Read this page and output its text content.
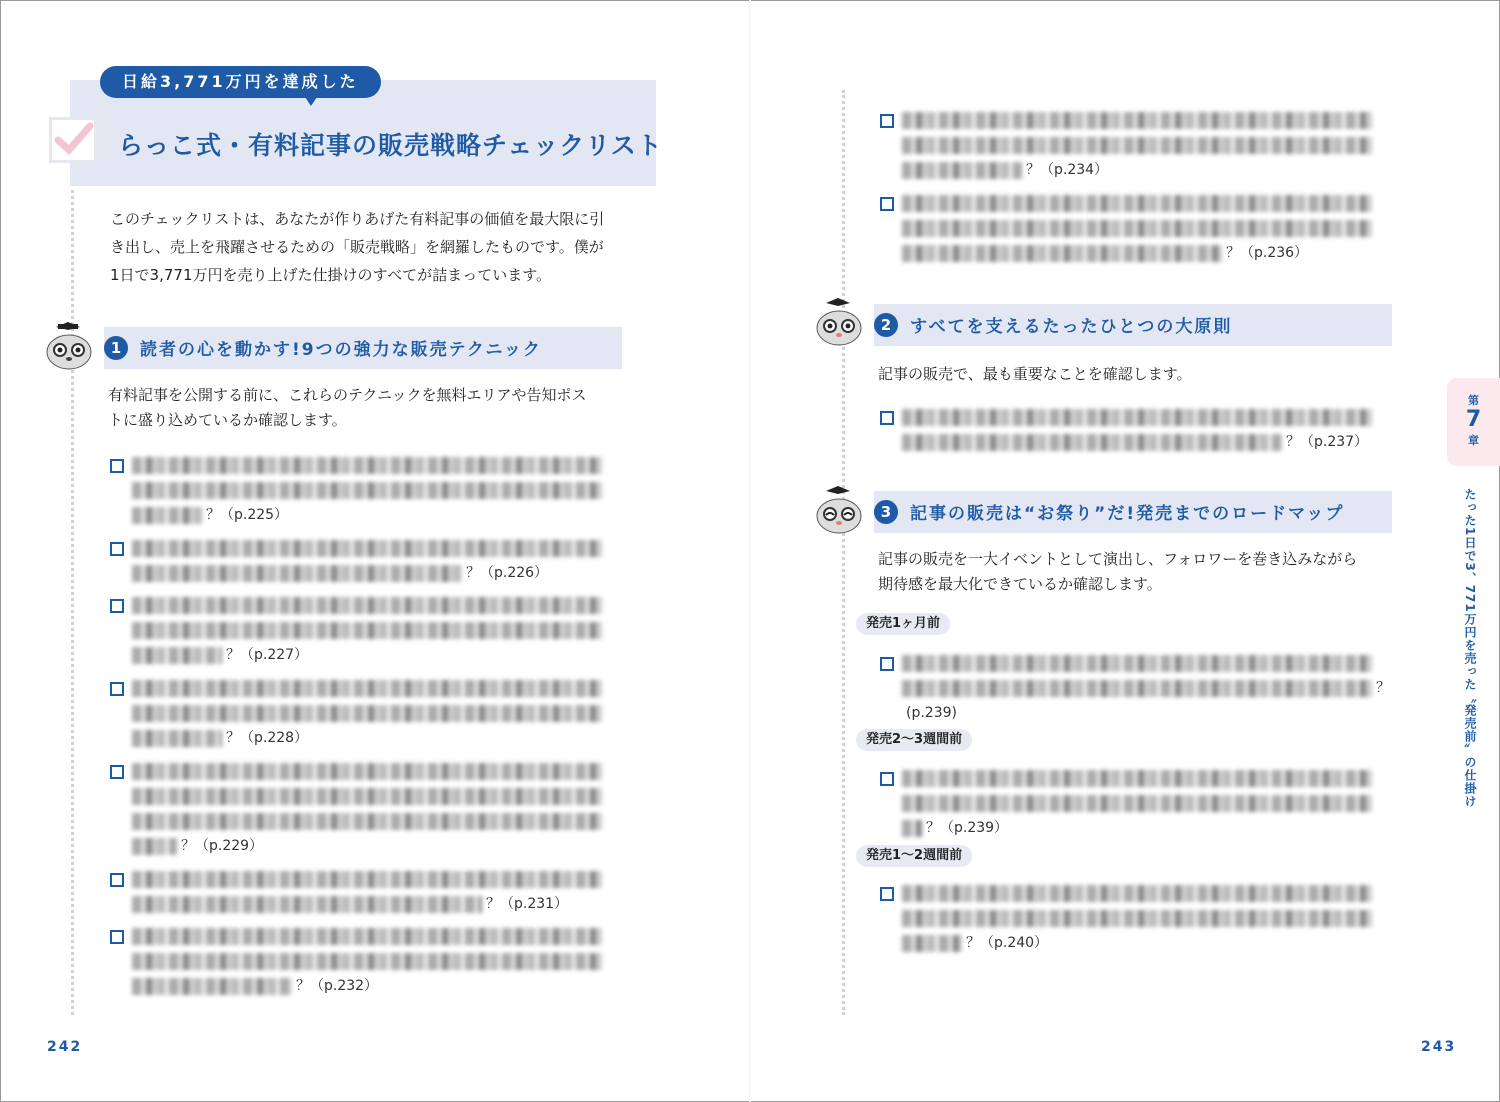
日給3,771万円を達成した
らっこ式・有料記事の販売戦略チェックリスト
このチェックリストは、あなたが作りあげた有料記事の価値を最大限に引
き出し、売上を飛躍させるための「販売戦略」を網羅したものです。僕が
1日で3,771万円を売り上げた仕掛けのすべてが詰まっています。
1	読者の心を動かす!9つの強力な販売テクニック
有料記事を公開する前に、これらのテクニックを無料エリアや告知ポス
トに盛り込めているか確認します。
2	すべてを支えるたったひとつの大原則
記事の販売で、最も重要なことを確認します。
3	記事の販売は“お祭り”だ!発売までのロードマップ
記事の販売を一大イベントとして演出し、フォロワーを巻き込みながら
期待感を最大化できているか確認します。
発売1ヶ月前
発売2〜3週間前
発売1〜2週間前
第
7
章
たった1日で3、771万円を売った〝発売前〟の仕掛け
242	243
？（p.225）
？（p.226）
？（p.227）
？（p.228）
？（p.229）
？（p.231）
？（p.232）
？（p.234）
？（p.236）
？（p.237）
？
(p.239)
？（p.239）
？（p.240）
